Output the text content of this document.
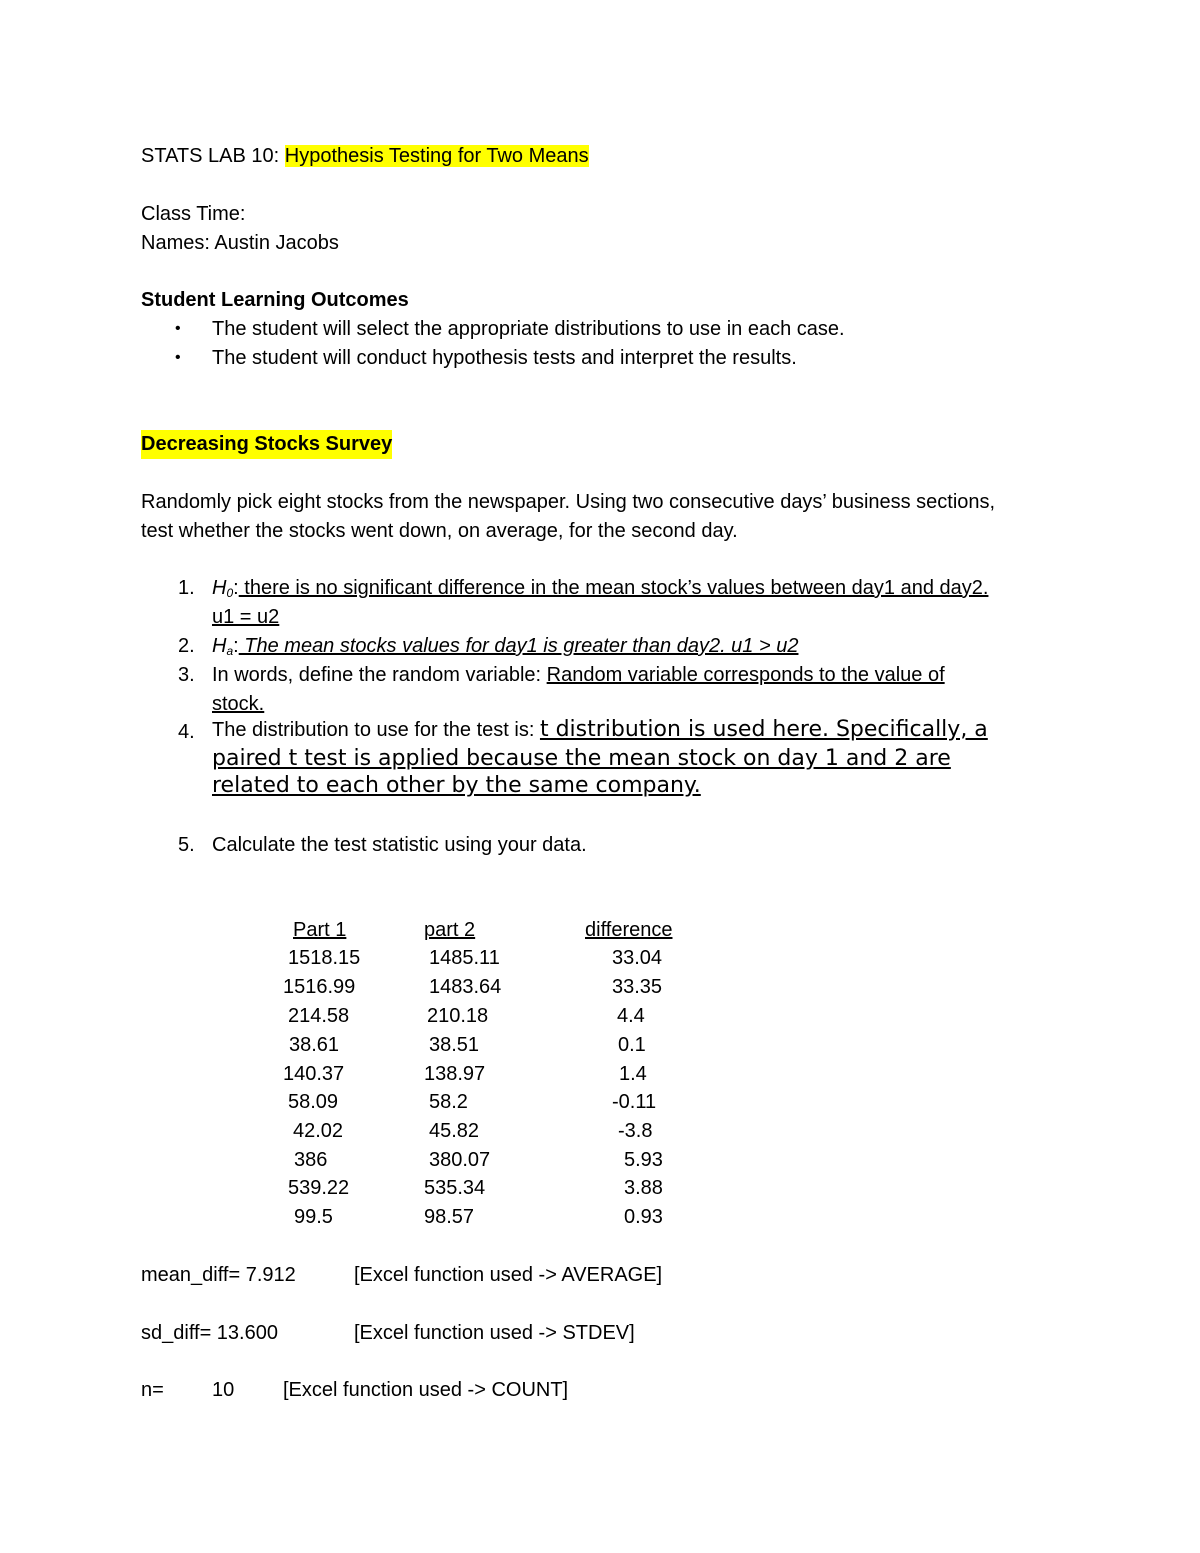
STATS LAB 10: Hypothesis Testing for Two Means
Class Time:
Names: Austin Jacobs
Student Learning Outcomes
• The student will select the appropriate distributions to use in each case.
• The student will conduct hypothesis tests and interpret the results.
Decreasing Stocks Survey
Randomly pick eight stocks from the newspaper. Using two consecutive days’ business sections,
test whether the stocks went down, on average, for the second day.
1. $H_0$: there is no significant difference in the mean stock’s values between day1 and day2.
u1 = u2
2. $H_a$: The mean stocks values for day1 is greater than day2. u1 > u2
3. In words, define the random variable: Random variable corresponds to the value of
stock.
4. The distribution to use for the test is: t distribution is used here. Specifically, a
paired t test is applied because the mean stock on day 1 and 2 are
related to each other by the same company.
5. Calculate the test statistic using your data.
Part 1	part 2	difference
1518.15	1485.11	33.04
1516.99	1483.64	33.35
214.58	210.18	4.4
38.61	38.51	0.1
140.37	138.97	1.4
58.09	58.2	-0.11
42.02	45.82	-3.8
386	380.07	5.93
539.22	535.34	3.88
99.5	98.57	0.93
mean_diff= 7.912	[Excel function used -> AVERAGE]
sd_diff= 13.600	[Excel function used -> STDEV]
n= 10 [Excel function used -> COUNT]
